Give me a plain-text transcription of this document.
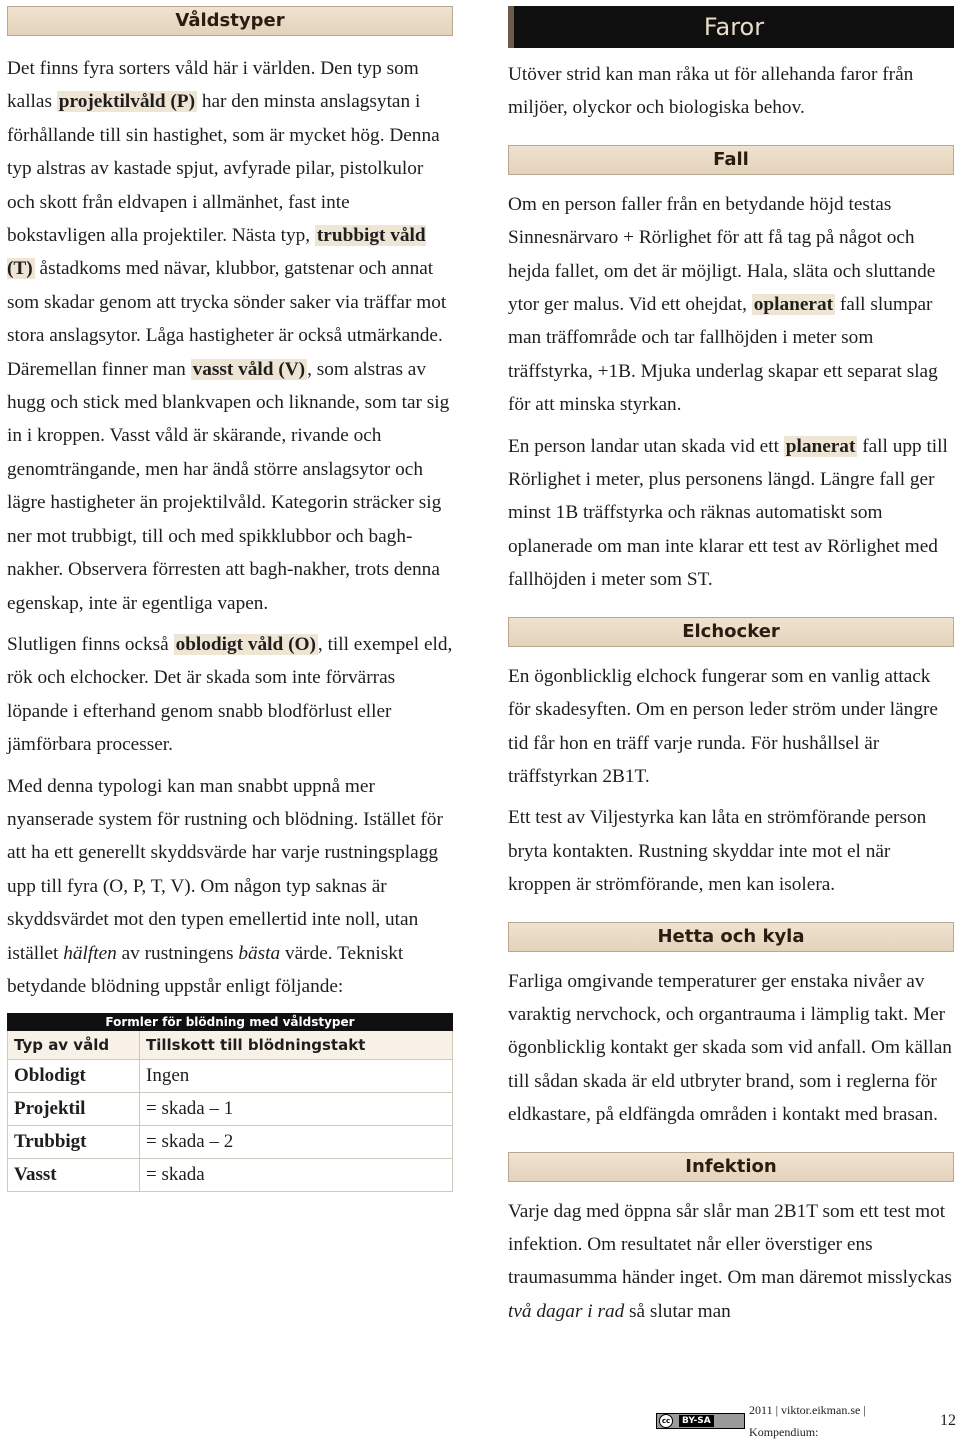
Våldstyper

Det finns fyra sorters våld här i världen. Den typ som kallas projektilvåld (P) har den minsta anslagsytan i förhållande till sin hastighet, som är mycket hög. Denna typ alstras av kastade spjut, avfyrade pilar, pistolkulor och skott från eldvapen i allmänhet, fast inte bokstavligen alla projektiler. Nästa typ, trubbigt våld (T) åstadkoms med nävar, klubbor, gatstenar och annat som skadar genom att trycka sönder saker via träffar mot stora anslagsytor. Låga hastigheter är också utmärkande. Däremellan finner man vasst våld (V) , som alstras av hugg och stick med blankvapen och liknande, som tar sig in i kroppen. Vasst våld är skärande, rivande och genomträngande, men har ändå större anslagsytor och lägre hastigheter än projektilvåld. Kategorin sträcker sig ner mot trubbigt, till och med spikklubbor och bagh-nakher. Observera förresten att bagh-nakher, trots denna egenskap, inte är egentliga vapen.

Slutligen finns också oblodigt våld (O) , till exempel eld, rök och elchocker. Det är skada som inte förvärras löpande i efterhand genom snabb blodförlust eller jämförbara processer.

Med denna typologi kan man snabbt uppnå mer nyanserade system för rustning och blödning. Istället för att ha ett generellt skyddsvärde har varje rustningsplagg upp till fyra (O, P, T, V). Om någon typ saknas är skyddsvärdet mot den typen emellertid inte noll, utan istället hälften av rustningens bästa värde. Tekniskt betydande blödning uppstår enligt följande:

Formler för blödning med våldstyper	
Typ av våld	Tillskott till blödningstakt
Oblodigt	Ingen
Projektil	= skada – 1
Trubbigt	= skada – 2
Vasst	= skada
Faror

Utöver strid kan man råka ut för allehanda faror från miljöer, olyckor och biologiska behov.

Fall

Om en person faller från en betydande höjd testas Sinnesnärvaro + Rörlighet för att få tag på något och hejda fallet, om det är möjligt. Hala, släta och sluttande ytor ger malus. Vid ett ohejdat, oplanerat fall slumpar man träffområde och tar fallhöjden i meter som träffstyrka, +1B. Mjuka underlag skapar ett separat slag för att minska styrkan.

En person landar utan skada vid ett planerat fall upp till Rörlighet i meter, plus personens längd. Längre fall ger minst 1B träffstyrka och räknas automatiskt som oplanerade om man inte klarar ett test av Rörlighet med fallhöjden i meter som ST.

Elchocker

En ögonblicklig elchock fungerar som en vanlig attack för skadesyften. Om en person leder ström under längre tid får hon en träff varje runda. För hushållsel är träffstyrkan 2B1T.

Ett test av Viljestyrka kan låta en strömförande person bryta kontakten. Rustning skyddar inte mot el när kroppen är strömförande, men kan isolera.

Hetta och kyla

Farliga omgivande temperaturer ger enstaka nivåer av varaktig nervchock, och organtrauma i lämplig takt. Mer ögonblicklig kontakt ger skada som vid anfall. Om källan till sådan skada är eld utbryter brand, som i reglerna för eldkastare, på eldfängda områden i kontakt med brasan.

Infektion

Varje dag med öppna sår slår man 2B1T som ett test mot infektion. Om resultatet når eller överstiger ens traumasumma händer inget. Om man däremot misslyckas två dagar i rad så slutar man

cc	BY-SA
2011 | viktor.eikman.se | Kompendium:
12
